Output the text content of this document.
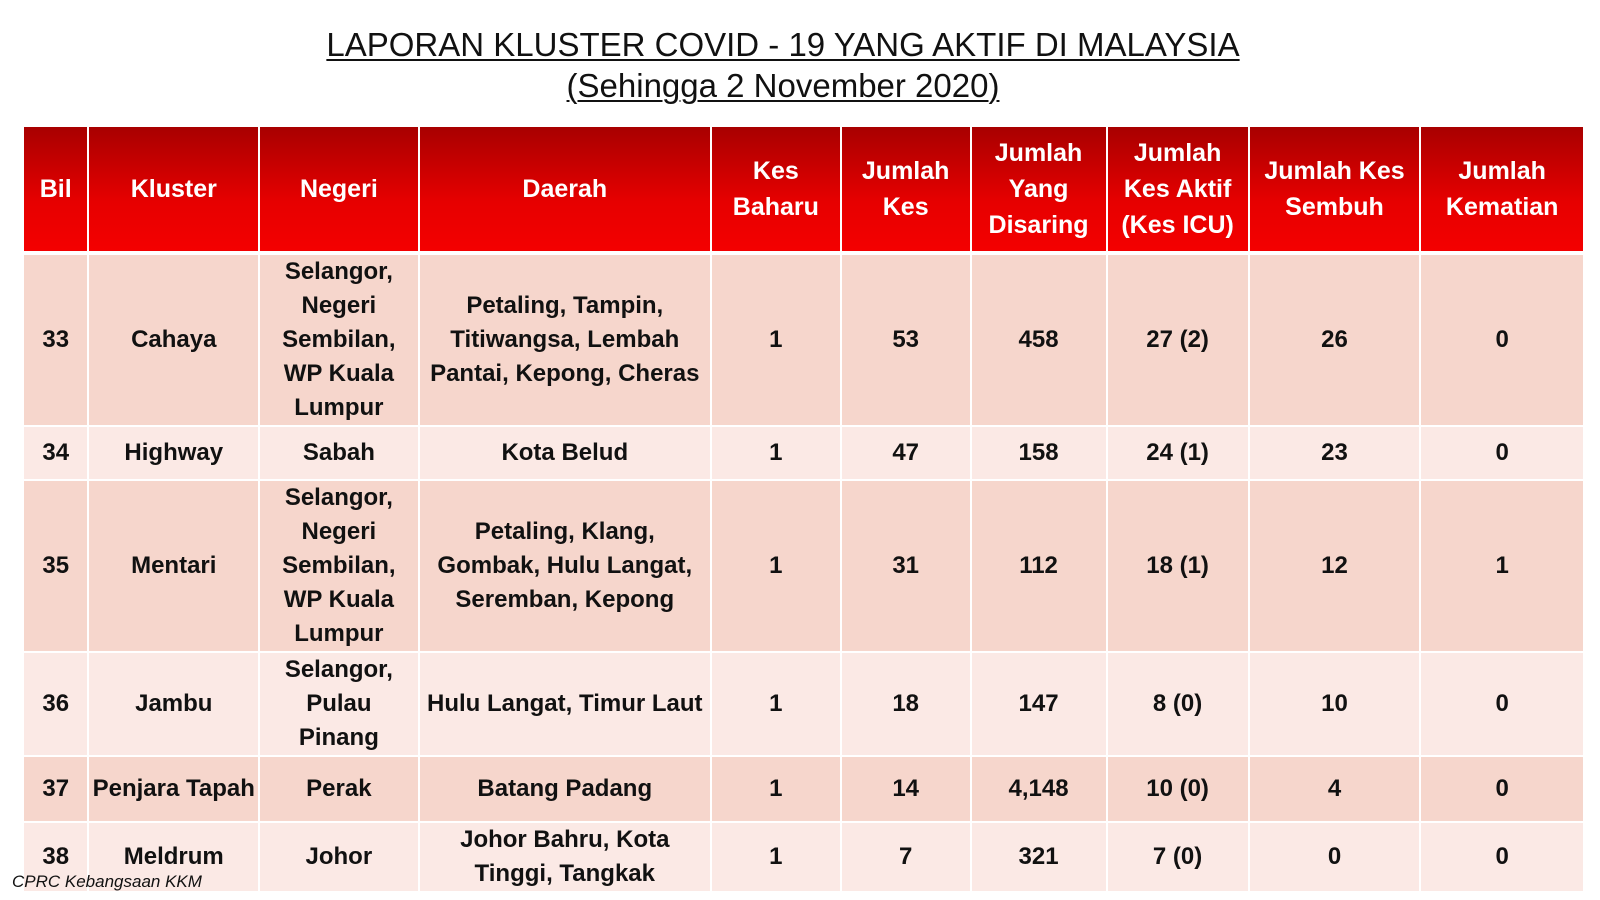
LAPORAN KLUSTER COVID - 19 YANG AKTIF DI MALAYSIA
(Sehingga 2 November 2020)
Bil	Kluster	Negeri	Daerah	Kes Baharu	Jumlah Kes	Jumlah Yang Disaring	Jumlah Kes Aktif (Kes ICU)	Jumlah Kes Sembuh	Jumlah Kematian

33	Cahaya	Selangor, Negeri Sembilan, WP Kuala Lumpur	Petaling, Tampin, Titiwangsa, Lembah Pantai, Kepong, Cheras	1	53	458	27 (2)	26	0
34	Highway	Sabah	Kota Belud	1	47	158	24 (1)	23	0
35	Mentari	Selangor, Negeri Sembilan, WP Kuala Lumpur	Petaling, Klang, Gombak, Hulu Langat, Seremban, Kepong	1	31	112	18 (1)	12	1
36	Jambu	Selangor, Pulau Pinang	Hulu Langat, Timur Laut	1	18	147	8 (0)	10	0
37	Penjara Tapah	Perak	Batang Padang	1	14	4,148	10 (0)	4	0
38	Meldrum	Johor	Johor Bahru, Kota Tinggi, Tangkak	1	7	321	7 (0)	0	0
CPRC Kebangsaan KKM
